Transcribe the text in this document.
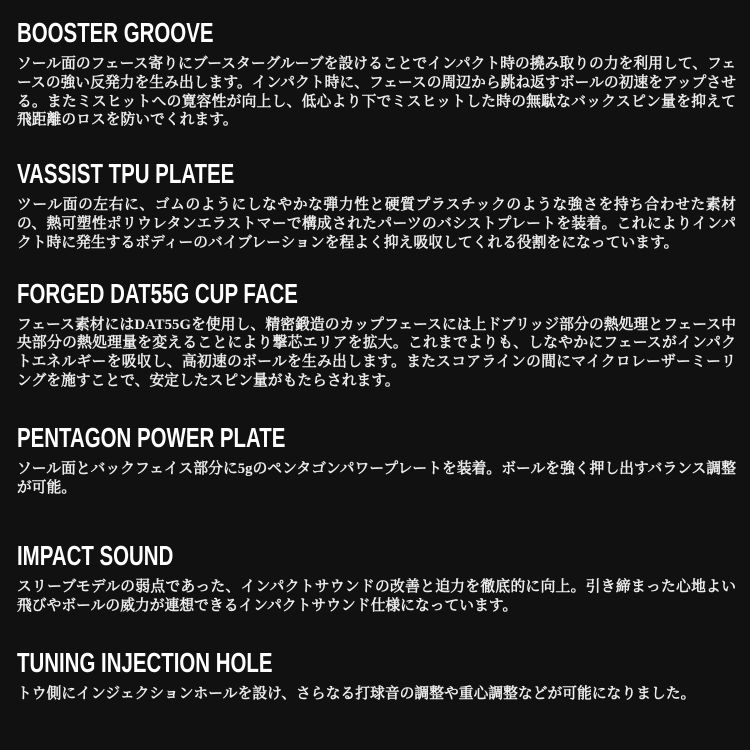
BOOSTER GROOVE

ソール面のフェース寄りにブースターグルーブを設けることでインパクト時の撓み取りの力を利用して、フェースの強い反発力を生み出します。インパクト時に、フェースの周辺から跳ね返すボールの初速をアップさせる。またミスヒットへの寛容性が向上し、低心より下でミスヒットした時の無駄なバックスピン量を抑えて飛距離のロスを防いでくれます。

VASSIST TPU PLATEE

ツール面の左右に、ゴムのようにしなやかな弾力性と硬質プラスチックのような強さを持ち合わせた素材の、熱可塑性ポリウレタンエラストマーで構成されたパーツのバシストプレートを装着。これによりインパクト時に発生するボディーのバイブレーションを程よく抑え吸収してくれる役割をになっています。

FORGED DAT55G CUP FACE

フェース素材にはDAT55Gを使用し、精密鍛造のカップフェースには上ドブリッジ部分の熱処理とフェース中央部分の熱処理量を変えることにより撃芯エリアを拡大。これまでよりも、しなやかにフェースがインパクトエネルギーを吸収し、高初速のボールを生み出します。またスコアラインの間にマイクロレーザーミーリングを施すことで、安定したスピン量がもたらされます。

PENTAGON POWER PLATE

ソール面とバックフェイス部分に5gのペンタゴンパワープレートを装着。ボールを強く押し出すバランス調整が可能。

IMPACT SOUND

スリーブモデルの弱点であった、インパクトサウンドの改善と迫力を徹底的に向上。引き締まった心地よい飛びやボールの威力が連想できるインパクトサウンド仕様になっています。

TUNING INJECTION HOLE

トウ側にインジェクションホールを設け、さらなる打球音の調整や重心調整などが可能になりました。
